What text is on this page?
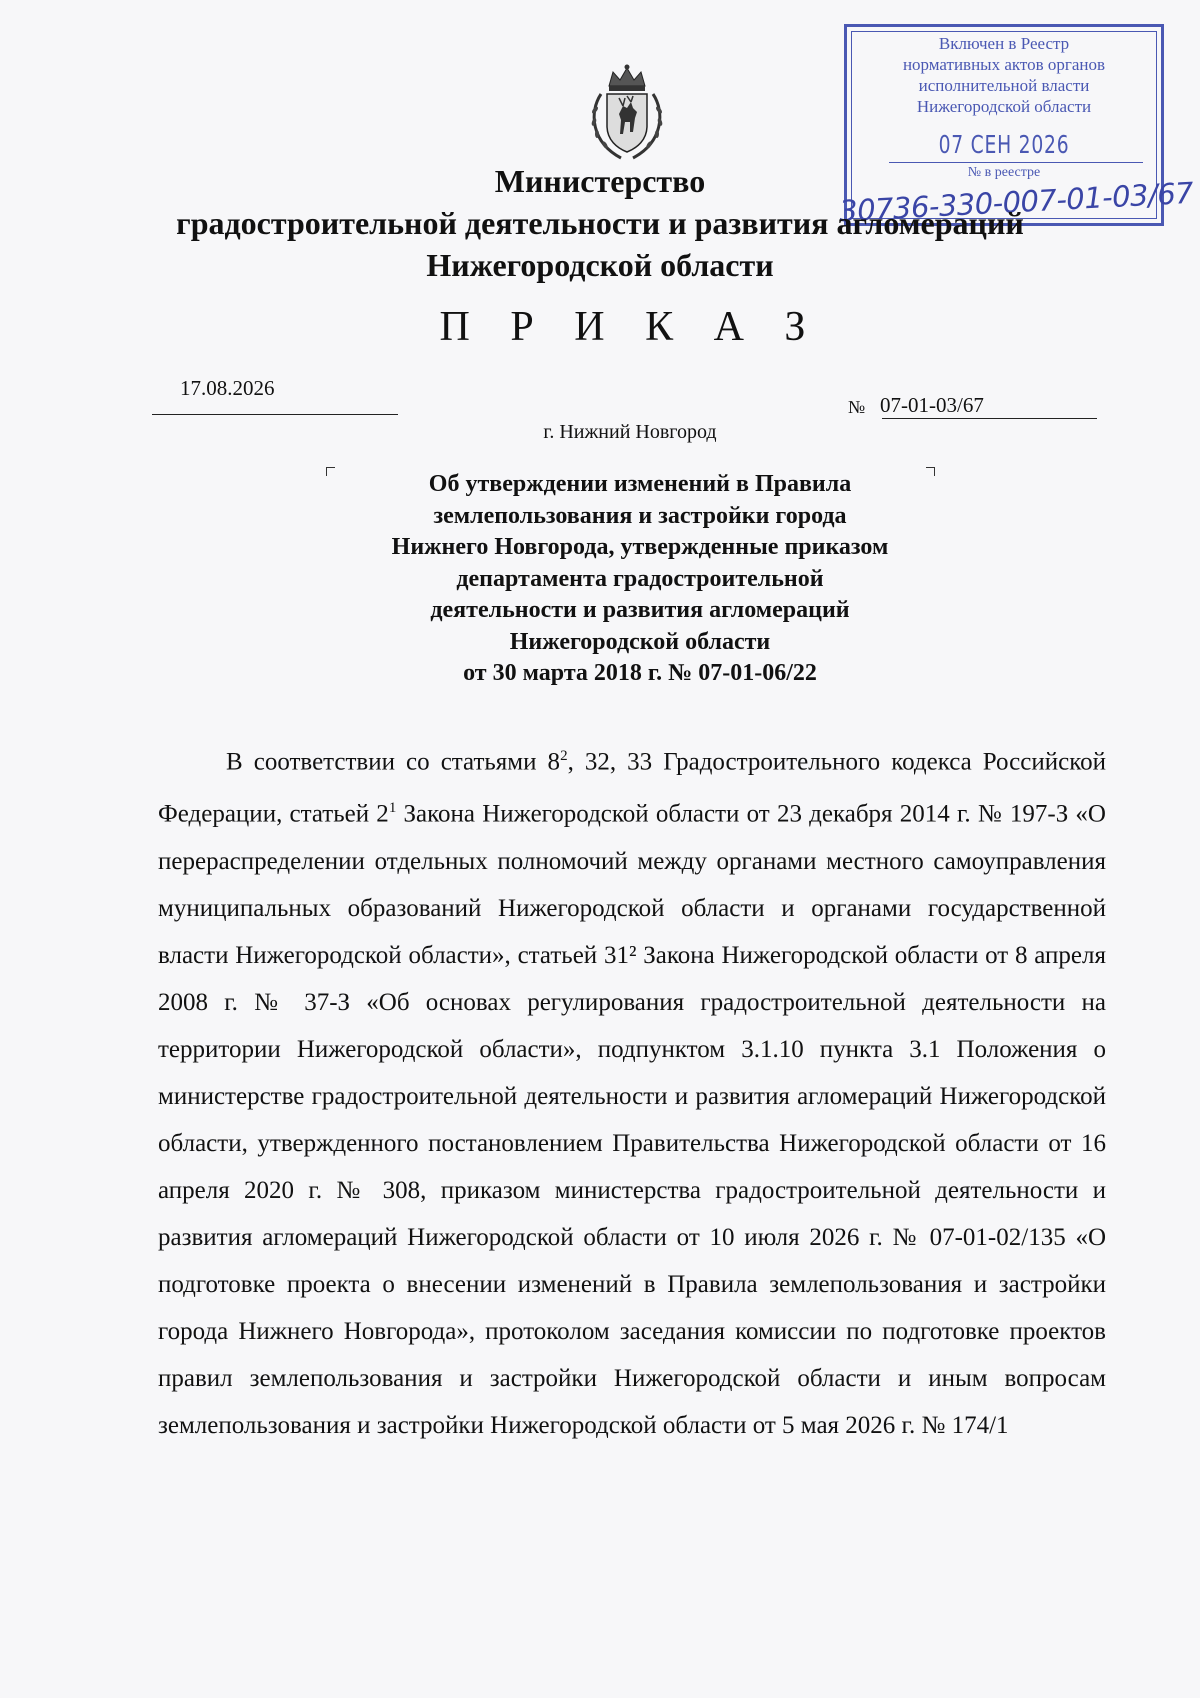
Включен в Реестр
нормативных актов органов
исполнительной власти
Нижегородской области
07 СЕН 2026
№ в реестре
30736-330-007-01-03/67
Министерство
градостроительной деятельности и развития агломераций
Нижегородской области
П Р И К А З
17.08.2026
№ 07-01-03/67
г. Нижний Новгород
Об утверждении изменений в Правила
землепользования и застройки города
Нижнего Новгорода, утвержденные приказом
департамента градостроительной
деятельности и развития агломераций
Нижегородской области
от 30 марта 2018 г. № 07-01-06/22
В соответствии со статьями $8^2$, 32, 33 Градостроительного кодекса Российской Федерации, статьей $2^1$ Закона Нижегородской области от 23 декабря 2014 г. № 197-З «О перераспределении отдельных полномочий между органами местного самоуправления муниципальных образований Нижегородской области и органами государственной власти Нижегородской области», статьей 31² Закона Нижегородской области от 8 апреля 2008 г. № 37-З «Об основах регулирования градостроительной деятельности на территории Нижегородской области», подпунктом 3.1.10 пункта 3.1 Положения о министерстве градостроительной деятельности и развития агломераций Нижегородской области, утвержденного постановлением Правительства Нижегородской области от 16 апреля 2020 г. № 308, приказом министерства градостроительной деятельности и развития агломераций Нижегородской области от 10 июля 2026 г. № 07-01-02/135 «О подготовке проекта о внесении изменений в Правила землепользования и застройки города Нижнего Новгорода», протоколом заседания комиссии по подготовке проектов правил землепользования и застройки Нижегородской области и иным вопросам землепользования и застройки Нижегородской области от 5 мая 2026 г. № 174/1
